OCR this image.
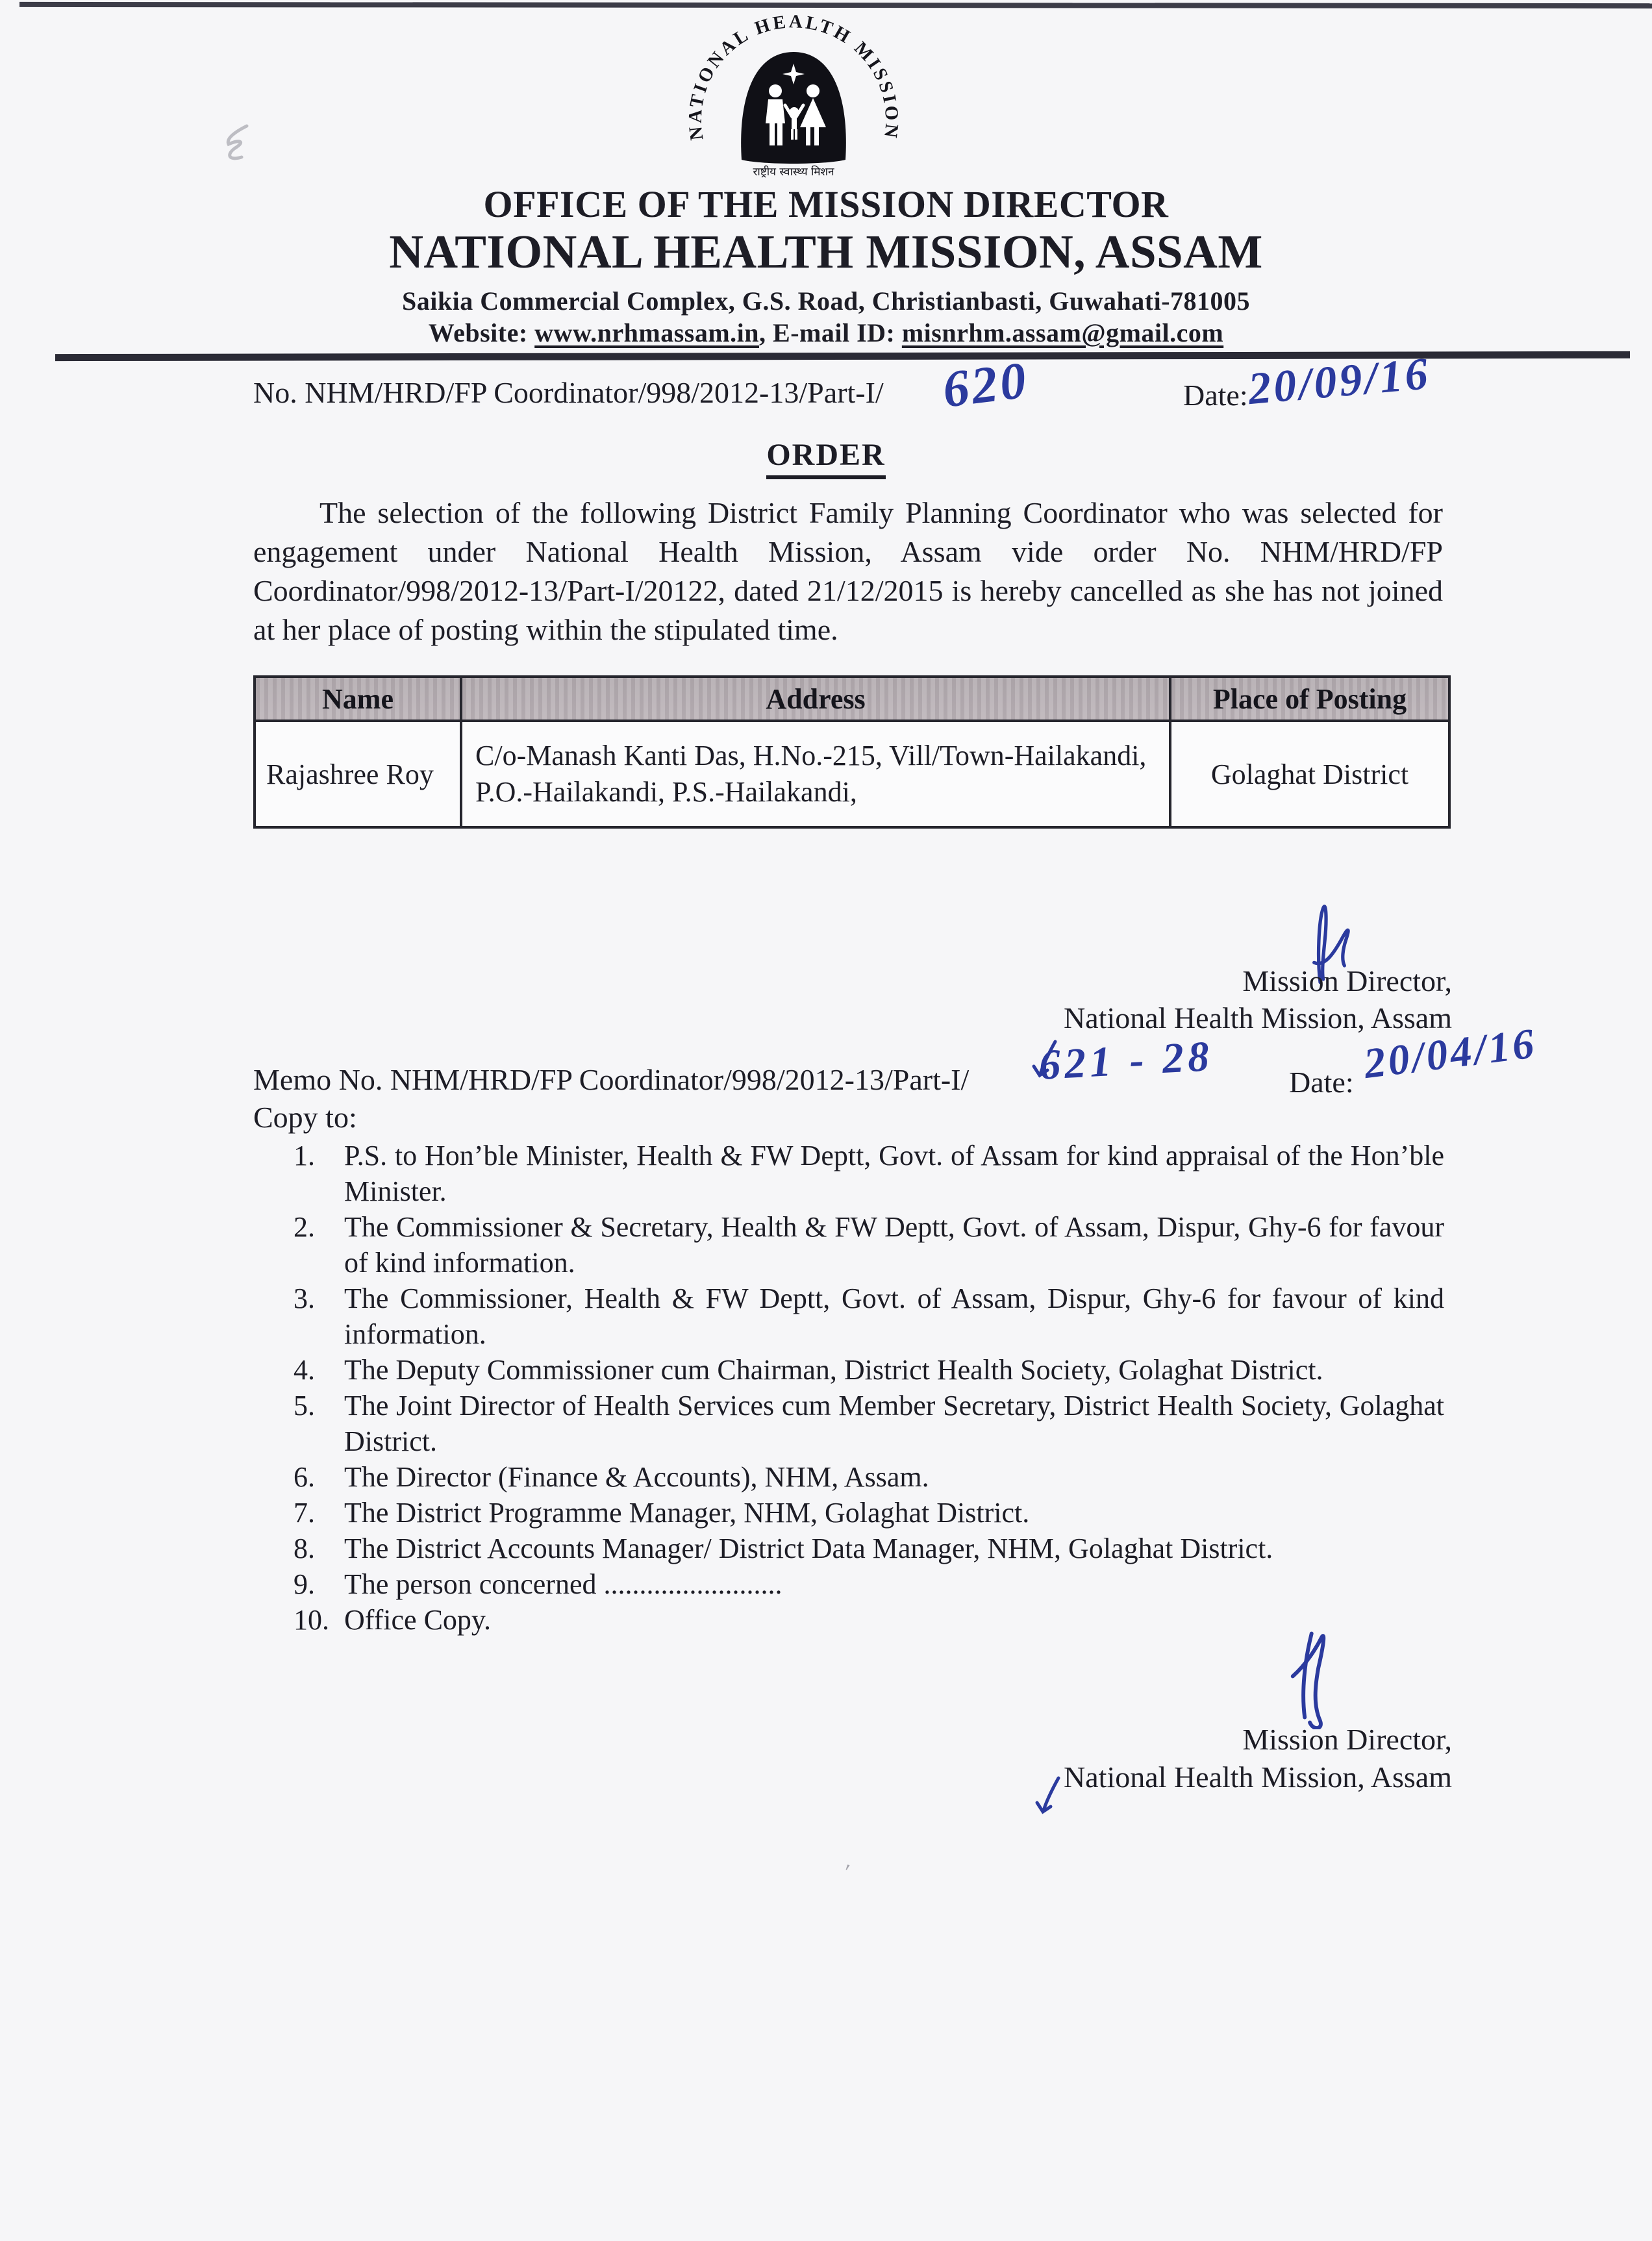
NATIONAL HEALTH MISSION
राष्ट्रीय स्वास्थ्य मिशन
OFFICE OF THE MISSION DIRECTOR
NATIONAL HEALTH MISSION, ASSAM
Saikia Commercial Complex, G.S. Road, Christianbasti, Guwahati-781005
Website: www.nrhmassam.in, E-mail ID: misnrhm.assam@gmail.com
No. NHM/HRD/FP Coordinator/998/2012-13/Part-I/ 620	Date:
20/09/16
ORDER
The selection of the following District Family Planning Coordinator who was selected for engagement under National Health Mission, Assam vide order No. NHM/HRD/FP Coordinator/998/2012-13/Part-I/20122, dated 21/12/2015 is hereby cancelled as she has not joined at her place of posting within the stipulated time.
Name	Address	Place of Posting
Rajashree Roy	C/o-Manash Kanti Das, H.No.-215, Vill/Town-Hailakandi, P.O.-Hailakandi, P.S.-Hailakandi,	Golaghat District
Mission Director,
National Health Mission, Assam
Memo No. NHM/HRD/FP Coordinator/998/2012-13/Part-I/ 621 - 28	Date: 20/04/16
Copy to:
1.	P.S. to Hon’ble Minister, Health & FW Deptt, Govt. of Assam for kind appraisal of the Hon’ble Minister.
2.	The Commissioner & Secretary, Health & FW Deptt, Govt. of Assam, Dispur, Ghy-6 for favour of kind information.
3.	The Commissioner, Health & FW Deptt, Govt. of Assam, Dispur, Ghy-6 for favour of kind information.
4.	The Deputy Commissioner cum Chairman, District Health Society, Golaghat District.
5.	The Joint Director of Health Services cum Member Secretary, District Health Society, Golaghat District.
6.	The Director (Finance & Accounts), NHM, Assam.
7.	The District Programme Manager, NHM, Golaghat District.
8.	The District Accounts Manager/ District Data Manager, NHM, Golaghat District.
9.	The person concerned .........................
10. Office Copy.
Mission Director,
National Health Mission, Assam
′
